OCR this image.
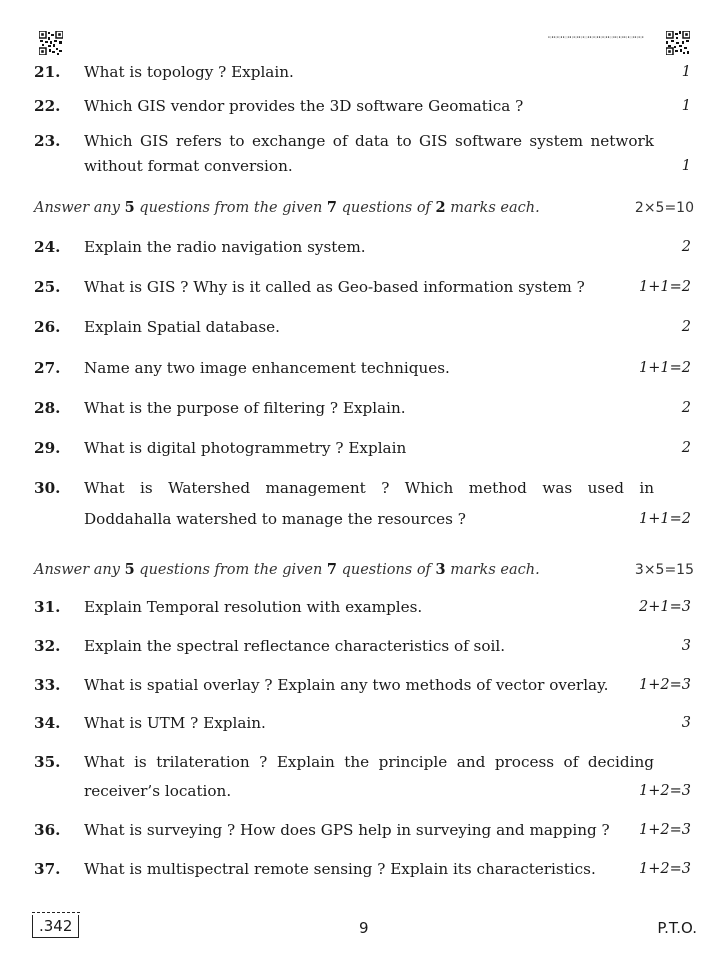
▮▯▮▮▯▮▯▮▮▯▯▮▮▯▮▯▮▮▯▮▯▯▮▮▯▮▯▮▮▯▮▯▮▮▯▯▮▮▯▮▯▮▮▯▮▯▯▮▮▯▮▯▮
21. What is topology ? Explain.	1
22. Which GIS vendor provides the 3D software Geomatica ?	1
23. Which GIS refers to exchange of data to GIS software system network
without format conversion.	1
Answer any 5 questions from the given 7 questions of 2 marks each.	2×5=10
24. Explain the radio navigation system.	2
25. What is GIS ? Why is it called as Geo-based information system ?	1+1=2
26. Explain Spatial database.	2
27. Name any two image enhancement techniques.	1+1=2
28. What is the purpose of filtering ? Explain.	2
29. What is digital photogrammetry ? Explain	2
30. What is Watershed management ? Which method was used in
Doddahalla watershed to manage the resources ?	1+1=2
Answer any 5 questions from the given 7 questions of 3 marks each.	3×5=15
31. Explain Temporal resolution with examples.	2+1=3
32. Explain the spectral reflectance characteristics of soil.	3
33. What is spatial overlay ? Explain any two methods of vector overlay.	1+2=3
34. What is UTM ? Explain.	3
35. What is trilateration ? Explain the principle and process of deciding
receiver’s location.	1+2=3
36. What is surveying ? How does GPS help in surveying and mapping ?	1+2=3
37. What is multispectral remote sensing ? Explain its characteristics.	1+2=3
.342	9	P.T.O.
